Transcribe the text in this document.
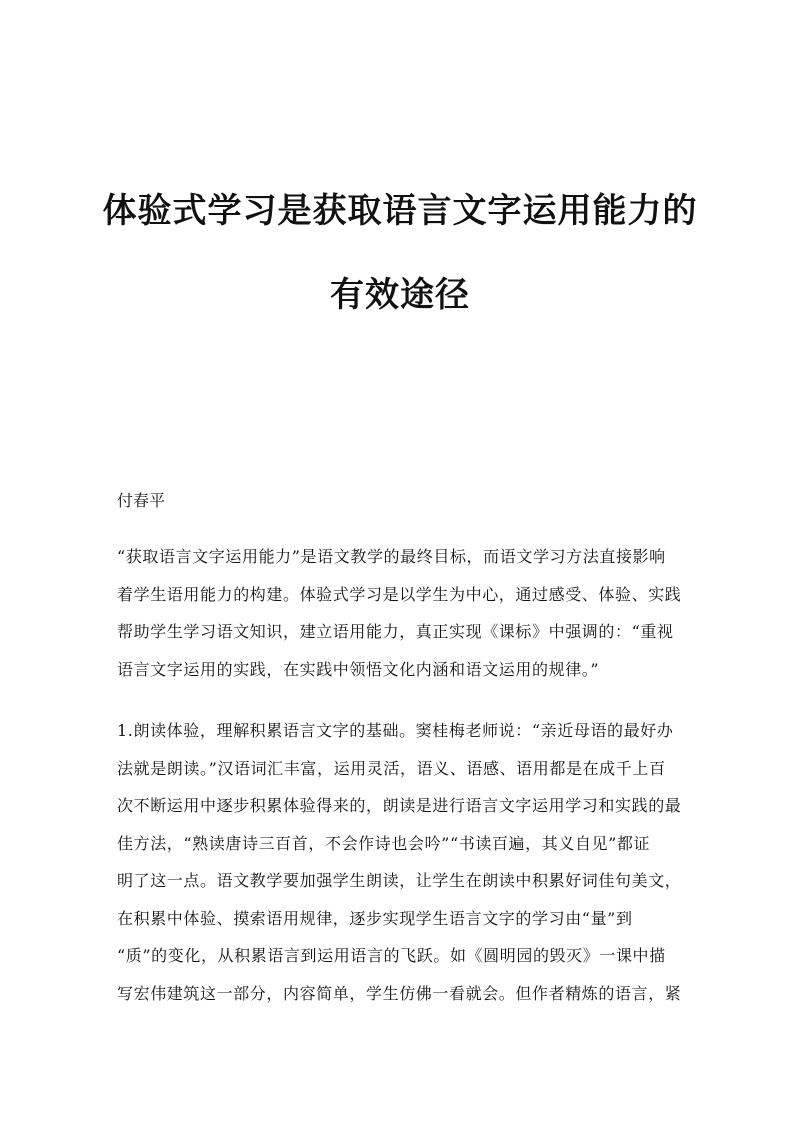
体验式学习是获取语言文字运用能力的
有效途径
付春平
“获取语言文字运用能力”是语文教学的最终目标，而语文学习方法直接影响
着学生语用能力的构建。体验式学习是以学生为中心，通过感受、体验、实践
帮助学生学习语文知识，建立语用能力，真正实现《课标》中强调的：“重视
语言文字运用的实践，在实践中领悟文化内涵和语文运用的规律。”
1.朗读体验，理解积累语言文字的基础。窦桂梅老师说：“亲近母语的最好办
法就是朗读。”汉语词汇丰富，运用灵活，语义、语感、语用都是在成千上百
次不断运用中逐步积累体验得来的，朗读是进行语言文字运用学习和实践的最
佳方法，“熟读唐诗三百首，不会作诗也会吟”“书读百遍，其义自见”都证
明了这一点。语文教学要加强学生朗读，让学生在朗读中积累好词佳句美文，
在积累中体验、摸索语用规律，逐步实现学生语言文字的学习由“量”到
“质”的变化，从积累语言到运用语言的飞跃。如《圆明园的毁灭》一课中描
写宏伟建筑这一部分，内容简单，学生仿佛一看就会。但作者精炼的语言，紧
